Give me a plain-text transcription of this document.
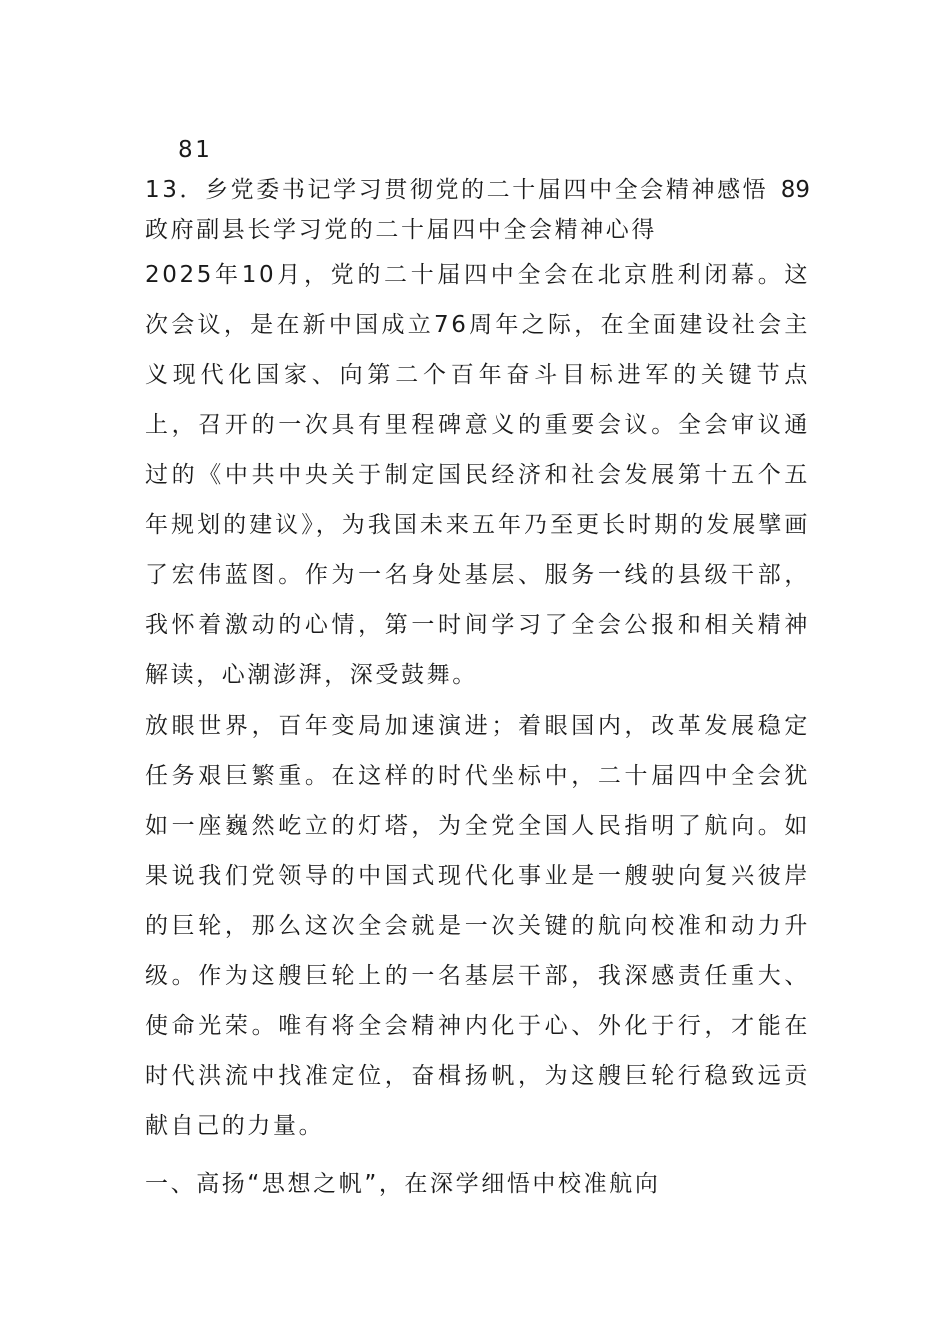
81
13．乡党委书记学习贯彻党的二十届四中全会精神感悟 89
政府副县长学习党的二十届四中全会精神心得

2025年10月，党的二十届四中全会在北京胜利闭幕。这次会议，是在新中国成立76周年之际，在全面建设社会主义现代化国家、向第二个百年奋斗目标进军的关键节点上，召开的一次具有里程碑意义的重要会议。全会审议通过的《中共中央关于制定国民经济和社会发展第十五个五年规划的建议》，为我国未来五年乃至更长时期的发展擘画了宏伟蓝图。作为一名身处基层、服务一线的县级干部，我怀着激动的心情，第一时间学习了全会公报和相关精神解读，心潮澎湃，深受鼓舞。

放眼世界，百年变局加速演进；着眼国内，改革发展稳定任务艰巨繁重。在这样的时代坐标中，二十届四中全会犹如一座巍然屹立的灯塔，为全党全国人民指明了航向。如果说我们党领导的中国式现代化事业是一艘驶向复兴彼岸的巨轮，那么这次全会就是一次关键的航向校准和动力升级。作为这艘巨轮上的一名基层干部，我深感责任重大、使命光荣。唯有将全会精神内化于心、外化于行，才能在时代洪流中找准定位，奋楫扬帆，为这艘巨轮行稳致远贡献自己的力量。

一、高扬“思想之帆”，在深学细悟中校准航向
